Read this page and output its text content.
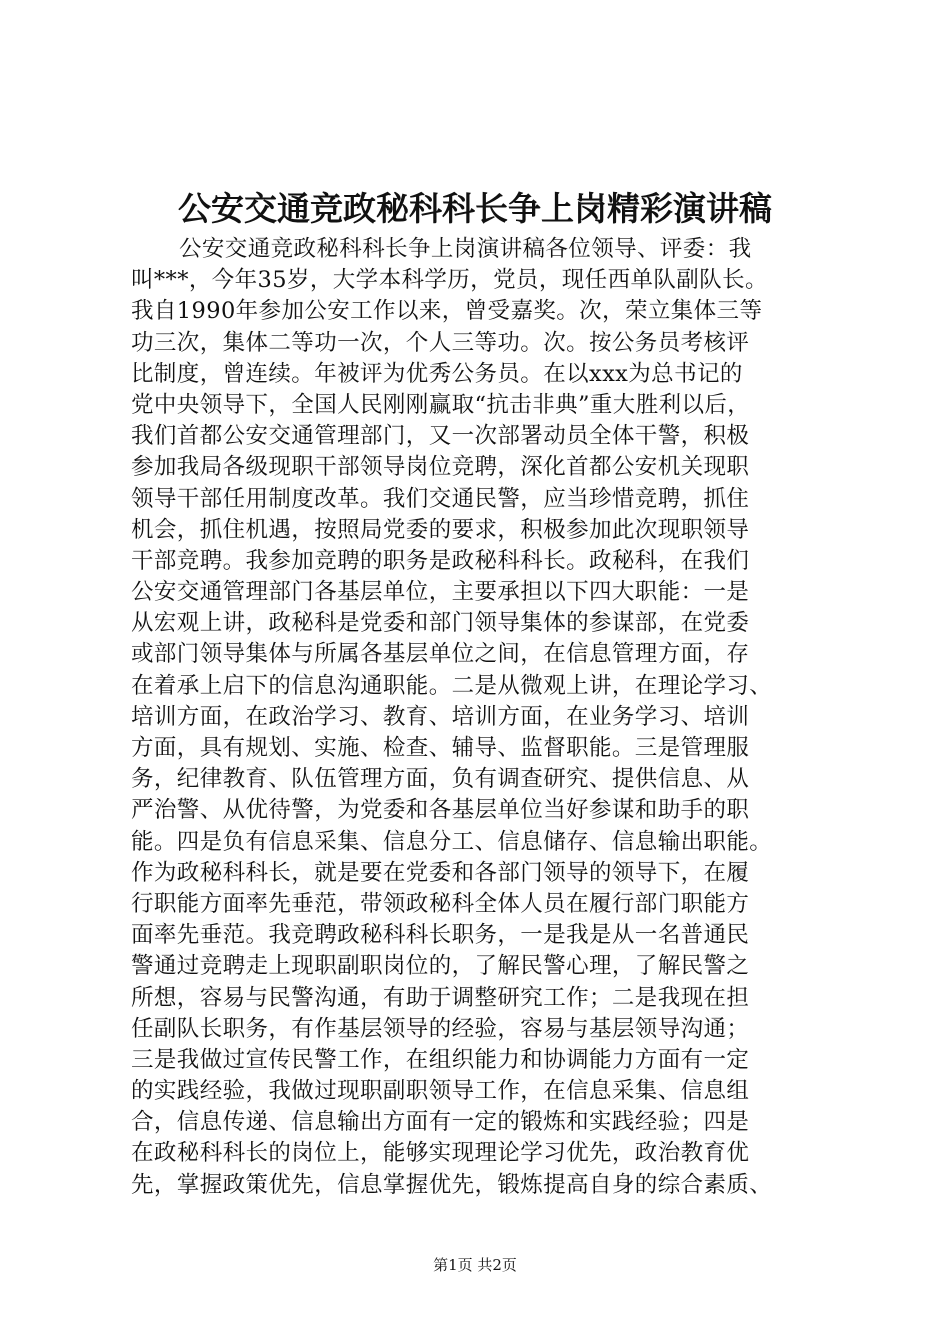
公安交通竞政秘科科长争上岗精彩演讲稿
公安交通竞政秘科科长争上岗演讲稿各位领导、评委：我
叫***，今年35岁，大学本科学历，党员，现任西单队副队长。
我自1990年参加公安工作以来，曾受嘉奖。次，荣立集体三等
功三次，集体二等功一次，个人三等功。次。按公务员考核评
比制度，曾连续。年被评为优秀公务员。在以xxx为总书记的
党中央领导下，全国人民刚刚赢取“抗击非典”重大胜利以后，
我们首都公安交通管理部门，又一次部署动员全体干警，积极
参加我局各级现职干部领导岗位竞聘，深化首都公安机关现职
领导干部任用制度改革。我们交通民警，应当珍惜竞聘，抓住
机会，抓住机遇，按照局党委的要求，积极参加此次现职领导
干部竞聘。我参加竞聘的职务是政秘科科长。政秘科，在我们
公安交通管理部门各基层单位，主要承担以下四大职能：一是
从宏观上讲，政秘科是党委和部门领导集体的参谋部，在党委
或部门领导集体与所属各基层单位之间，在信息管理方面，存
在着承上启下的信息沟通职能。二是从微观上讲，在理论学习、
培训方面，在政治学习、教育、培训方面，在业务学习、培训
方面，具有规划、实施、检查、辅导、监督职能。三是管理服
务，纪律教育、队伍管理方面，负有调查研究、提供信息、从
严治警、从优待警，为党委和各基层单位当好参谋和助手的职
能。四是负有信息采集、信息分工、信息储存、信息输出职能。
作为政秘科科长，就是要在党委和各部门领导的领导下，在履
行职能方面率先垂范，带领政秘科全体人员在履行部门职能方
面率先垂范。我竞聘政秘科科长职务，一是我是从一名普通民
警通过竞聘走上现职副职岗位的，了解民警心理，了解民警之
所想，容易与民警沟通，有助于调整研究工作；二是我现在担
任副队长职务，有作基层领导的经验，容易与基层领导沟通；
三是我做过宣传民警工作，在组织能力和协调能力方面有一定
的实践经验，我做过现职副职领导工作，在信息采集、信息组
合，信息传递、信息输出方面有一定的锻炼和实践经验；四是
在政秘科科长的岗位上，能够实现理论学习优先，政治教育优
先，掌握政策优先，信息掌握优先，锻炼提高自身的综合素质、
第1页 共2页
